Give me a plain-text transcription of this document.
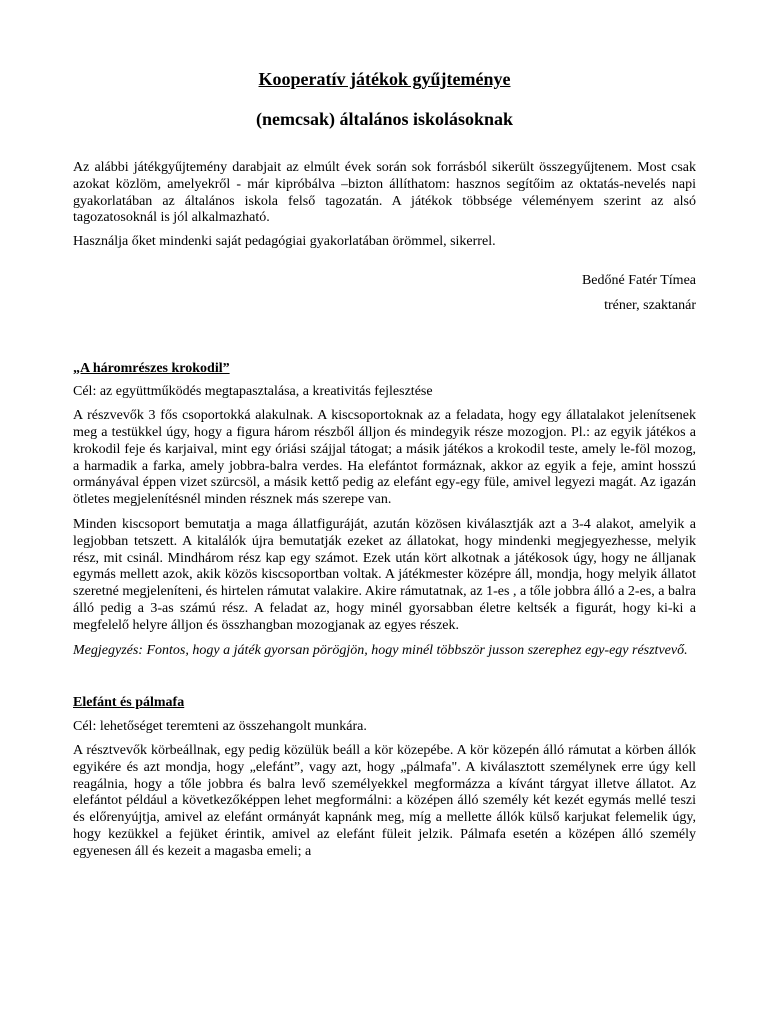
Kooperatív játékok gyűjteménye
(nemcsak) általános iskolásoknak

Az alábbi játékgyűjtemény darabjait az elmúlt évek során sok forrásból sikerült összegyűjtenem. Most csak azokat közlöm, amelyekről - már kipróbálva –bizton állíthatom: hasznos segítőim az oktatás-nevelés napi gyakorlatában az általános iskola felső tagozatán. A játékok többsége véleményem szerint az alsó tagozatosoknál is jól alkalmazható.

Használja őket mindenki saját pedagógiai gyakorlatában örömmel, sikerrel.

Bedőné Fatér Tímea
tréner, szaktanár
„A háromrészes krokodil”

Cél: az együttműködés megtapasztalása, a kreativitás fejlesztése

A részvevők 3 fős csoportokká alakulnak. A kiscsoportoknak az a feladata, hogy egy állatalakot jelenítsenek meg a testükkel úgy, hogy a figura három részből álljon és mindegyik része mozogjon. Pl.: az egyik játékos a krokodil feje és karjaival, mint egy óriási szájjal tátogat; a másik játékos a krokodil teste, amely le-föl mozog, a harmadik a farka, amely jobbra-balra verdes. Ha elefántot formáznak, akkor az egyik a feje, amint hosszú ormányával éppen vizet szürcsöl, a másik kettő pedig az elefánt egy-egy füle, amivel legyezi magát. Az igazán ötletes megjelenítésnél minden résznek más szerepe van.

Minden kiscsoport bemutatja a maga állatfiguráját, azután közösen kiválasztják azt a 3-4 alakot, amelyik a legjobban tetszett. A kitalálók újra bemutatják ezeket az állatokat, hogy mindenki megjegyezhesse, melyik rész, mit csinál. Mindhárom rész kap egy számot. Ezek után kört alkotnak a játékosok úgy, hogy ne álljanak egymás mellett azok, akik közös kiscsoportban voltak. A játékmester középre áll, mondja, hogy melyik állatot szeretné megjeleníteni, és hirtelen rámutat valakire. Akire rámutatnak, az 1-es , a tőle jobbra álló a 2-es, a balra álló pedig a 3-as számú rész. A feladat az, hogy minél gyorsabban életre keltsék a figurát, hogy ki-ki a megfelelő helyre álljon és összhangban mozogjanak az egyes részek.

Megjegyzés: Fontos, hogy a játék gyorsan pörögjön, hogy minél többször jusson szerephez egy-egy résztvevő.

Elefánt és pálmafa

Cél: lehetőséget teremteni az összehangolt munkára.

A résztvevők körbeállnak, egy pedig közülük beáll a kör közepébe. A kör közepén álló rámutat a körben állók egyikére és azt mondja, hogy „elefánt”, vagy azt, hogy „pálmafa". A kiválasztott személynek erre úgy kell reagálnia, hogy a tőle jobbra és balra levő személyekkel megformázza a kívánt tárgyat illetve állatot. Az elefántot például a következőképpen lehet megformálni: a középen álló személy két kezét egymás mellé teszi és előrenyújtja, amivel az elefánt ormányát kapnánk meg, míg a mellette állók külső karjukat felemelik úgy, hogy kezükkel a fejüket érintik, amivel az elefánt füleit jelzik. Pálmafa esetén a középen álló személy egyenesen áll és kezeit a magasba emeli; a
